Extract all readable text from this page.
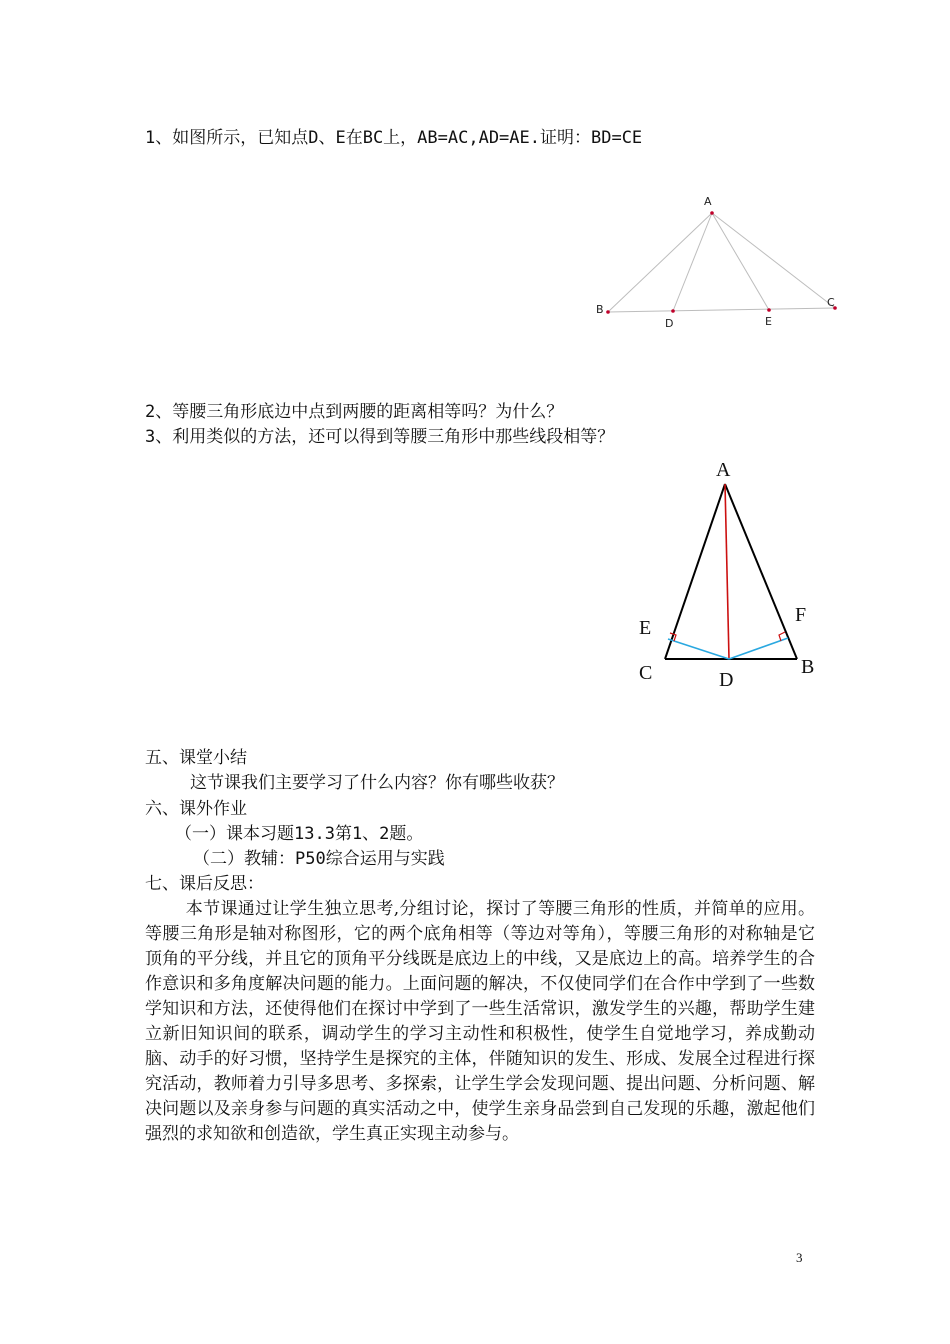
1、如图所示，已知点D、E在BC上，AB=AC,AD=AE.证明：BD=CE
A
B
C
D	E
2、等腰三角形底边中点到两腰的距离相等吗？为什么？
3、利用类似的方法，还可以得到等腰三角形中那些线段相等？
A
E
F
C	D
B
五、课堂小结
这节课我们主要学习了什么内容？你有哪些收获？
六、课外作业
（一）课本习题13.3第1、2题。
（二）教辅：P50综合运用与实践
七、课后反思：
本节课通过让学生独立思考,分组讨论，探讨了等腰三角形的性质，并简单的应用。等腰三角形是轴对称图形，它的两个底角相等（等边对等角），等腰三角形的对称轴是它顶角的平分线，并且它的顶角平分线既是底边上的中线，又是底边上的高。培养学生的合作意识和多角度解决问题的能力。上面问题的解决，不仅使同学们在合作中学到了一些数学知识和方法，还使得他们在探讨中学到了一些生活常识，激发学生的兴趣，帮助学生建立新旧知识间的联系，调动学生的学习主动性和积极性，使学生自觉地学习，养成勤动脑、动手的好习惯，坚持学生是探究的主体，伴随知识的发生、形成、发展全过程进行探究活动，教师着力引导多思考、多探索，让学生学会发现问题、提出问题、分析问题、解决问题以及亲身参与问题的真实活动之中，使学生亲身品尝到自己发现的乐趣，激起他们强烈的求知欲和创造欲，学生真正实现主动参与。
3
